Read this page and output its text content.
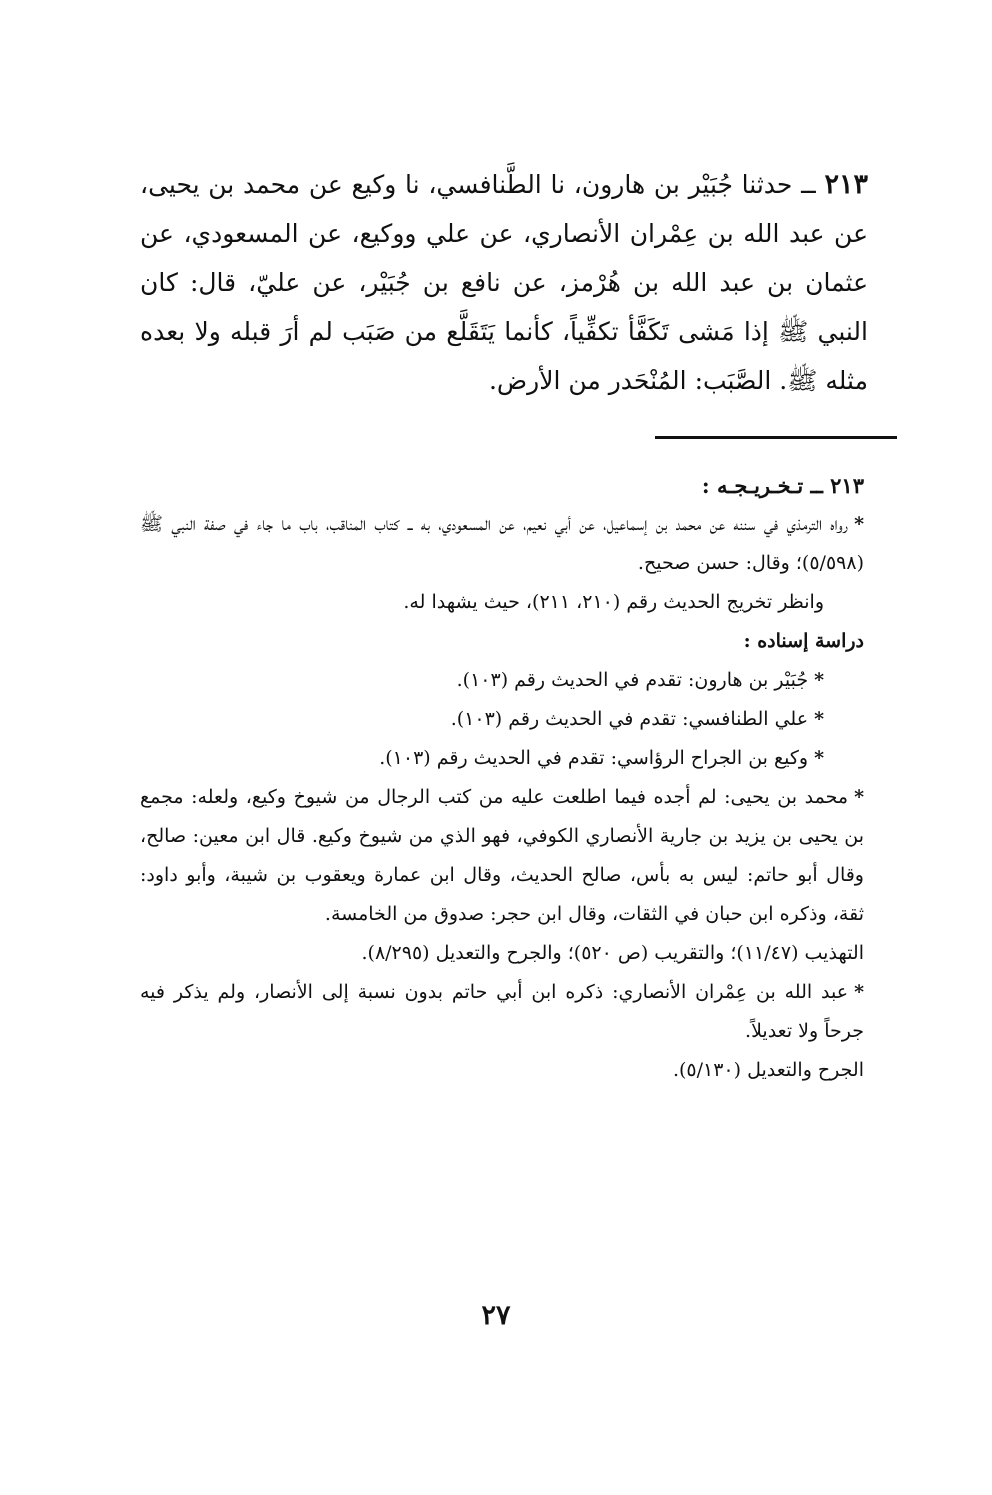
٢١٣ ــ حدثنا جُبَيْر بن هارون، نا الطَّنافسي، نا وكيع عن محمد بن يحيى، عن عبد الله بن عِمْران الأنصاري، عن علي ووكيع، عن المسعودي، عن عثمان بن عبد الله بن هُرْمز، عن نافع بن جُبَيْر، عن عليّ، قال: كان النبي ﷺ إذا مَشى تَكَفَّأ تكفِّياً، كأنما يَتَقَلَّع من صَبَب لم أرَ قبله ولا بعده مثله ﷺ. الصَّبَب: المُنْحَدر من الأرض.

٢١٣ ــ تـخـريـجـه :

*رواه الترمذي في سننه عن محمد بن إسماعيل، عن أبي نعيم، عن المسعودي، به ــ كتاب المناقب، باب ما جاء في صفة النبي ﷺ (٥/٥٩٨)؛ وقال: حسن صحيح.

وانظر تخريج الحديث رقم (٢١٠، ٢١١)، حيث يشهدا له.

دراسة إسناده :

*جُبَيْر بن هارون: تقدم في الحديث رقم (١٠٣).

*علي الطنافسي: تقدم في الحديث رقم (١٠٣).

*وكيع بن الجراح الرؤاسي: تقدم في الحديث رقم (١٠٣).

*محمد بن يحيى: لم أجده فيما اطلعت عليه من كتب الرجال من شيوخ وكيع، ولعله: مجمع بن يحيى بن يزيد بن جارية الأنصاري الكوفي، فهو الذي من شيوخ وكيع. قال ابن معين: صالح، وقال أبو حاتم: ليس به بأس، صالح الحديث، وقال ابن عمارة ويعقوب بن شيبة، وأبو داود: ثقة، وذكره ابن حبان في الثقات، وقال ابن حجر: صدوق من الخامسة.

التهذيب (١١/٤٧)؛ والتقريب (ص ٥٢٠)؛ والجرح والتعديل (٨/٢٩٥).

*عبد الله بن عِمْران الأنصاري: ذكره ابن أبي حاتم بدون نسبة إلى الأنصار، ولم يذكر فيه جرحاً ولا تعديلاً.

الجرح والتعديل (٥/١٣٠).

٢٧
